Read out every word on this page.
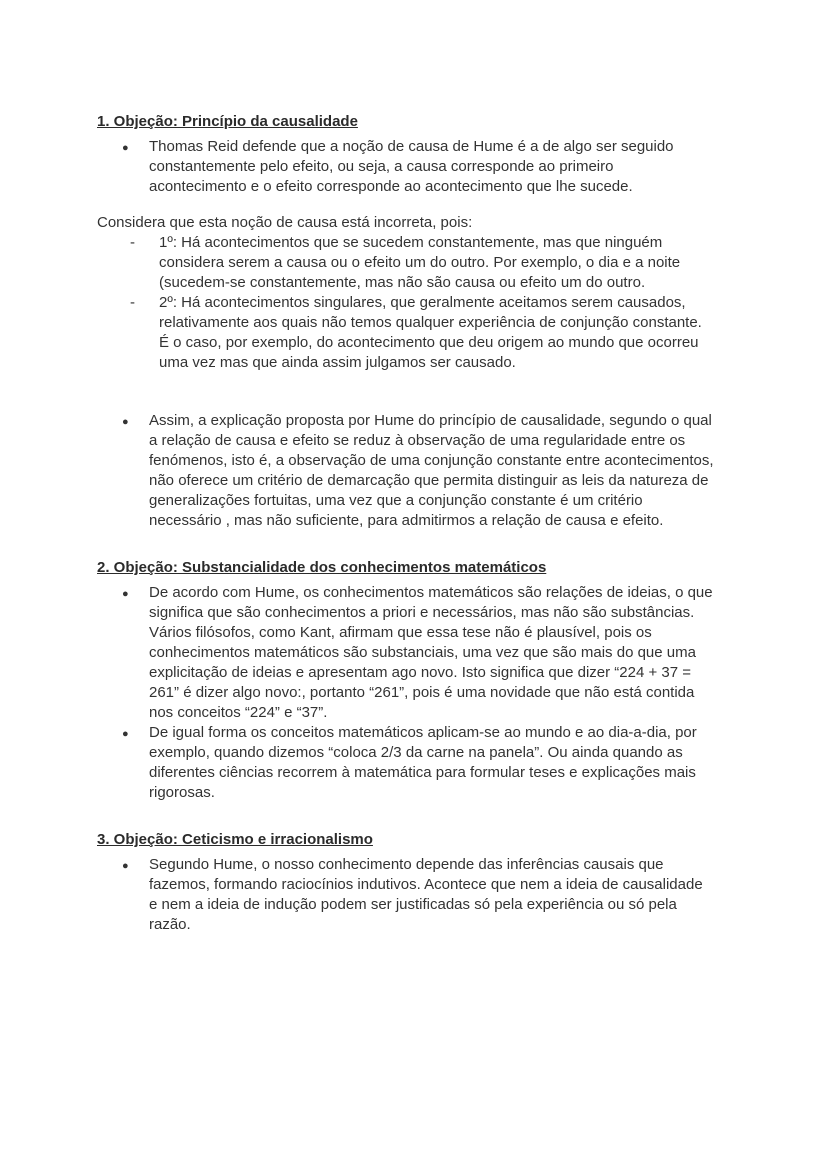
1. Objeção: Princípio da causalidade
● Thomas Reid defende que a noção de causa de Hume é a de algo ser seguido constantemente pelo efeito, ou seja, a causa corresponde ao primeiro acontecimento e o efeito corresponde ao acontecimento que lhe sucede.

Considera que esta noção de causa está incorreta, pois:

- 1º: Há acontecimentos que se sucedem constantemente, mas que ninguém considera serem a causa ou o efeito um do outro. Por exemplo, o dia e a noite (sucedem-se constantemente, mas não são causa ou efeito um do outro.

- 2º: Há acontecimentos singulares, que geralmente aceitamos serem causados, relativamente aos quais não temos qualquer experiência de conjunção constante. É o caso, por exemplo, do acontecimento que deu origem ao mundo que ocorreu uma vez mas que ainda assim julgamos ser causado.

● Assim, a explicação proposta por Hume do princípio de causalidade, segundo o qual a relação de causa e efeito se reduz à observação de uma regularidade entre os fenómenos, isto é, a observação de uma conjunção constante entre acontecimentos, não oferece um critério de demarcação que permita distinguir as leis da natureza de generalizações fortuitas, uma vez que a conjunção constante é um critério necessário , mas não suficiente, para admitirmos a relação de causa e efeito.

2. Objeção: Substancialidade dos conhecimentos matemáticos
● De acordo com Hume, os conhecimentos matemáticos são relações de ideias, o que significa que são conhecimentos a priori e necessários, mas não são substâncias. Vários filósofos, como Kant, afirmam que essa tese não é plausível, pois os conhecimentos matemáticos são substanciais, uma vez que são mais do que uma explicitação de ideias e apresentam ago novo. Isto significa que dizer “224 + 37 = 261” é dizer algo novo:, portanto “261”, pois é uma novidade que não está contida nos conceitos “224” e “37”.

● De igual forma os conceitos matemáticos aplicam-se ao mundo e ao dia-a-dia, por exemplo, quando dizemos “coloca 2/3 da carne na panela”. Ou ainda quando as diferentes ciências recorrem à matemática para formular teses e explicações mais rigorosas.

3. Objeção: Ceticismo e irracionalismo
● Segundo Hume, o nosso conhecimento depende das inferências causais que fazemos, formando raciocínios indutivos. Acontece que nem a ideia de causalidade e nem a ideia de indução podem ser justificadas só pela experiência ou só pela razão.
